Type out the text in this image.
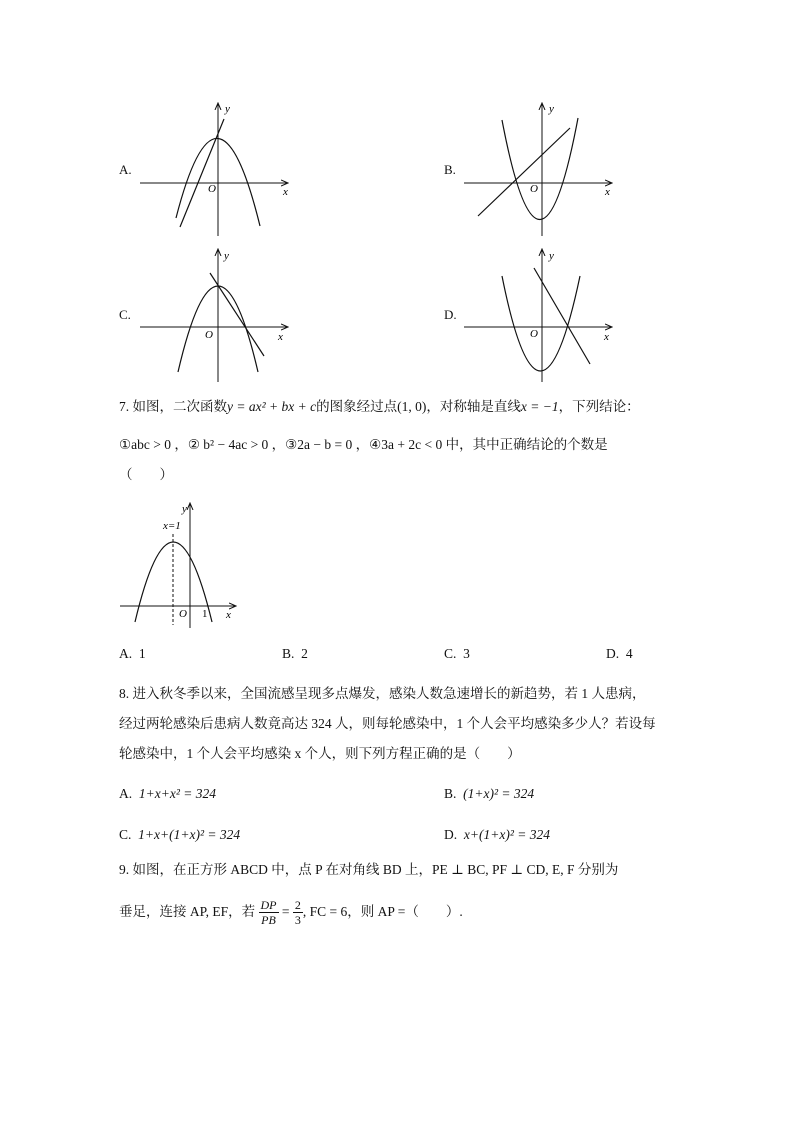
A.
O	x
y
B.
O	x
y
C.
O	x
y
D.
O	x
y
7. 如图，二次函数y = ax² + bx + c的图象经过点(1, 0)，对称轴是直线x = −1，下列结论：
①abc > 0 ，② b² − 4ac > 0 ，③2a − b = 0 ，④3a + 2c < 0 中，其中正确结论的个数是
（　　）
x=1
O 1 x
y
A. 1	B. 2	C. 3	D. 4
8. 进入秋冬季以来，全国流感呈现多点爆发，感染人数急速增长的新趋势，若 1 人患病，
经过两轮感染后患病人数竟高达 324 人，则每轮感染中，1 个人会平均感染多少人？若设每
轮感染中，1 个人会平均感染 x 个人，则下列方程正确的是（　　）
A. 1+x+x² = 324	B. (1+x)² = 324
C. 1+x+(1+x)² = 324	D. x+(1+x)² = 324
9. 如图，在正方形 ABCD 中，点 P 在对角线 BD 上，PE ⊥ BC, PF ⊥ CD, E, F 分别为
垂足，连接 AP, EF，若 $\frac{DP}{PB} = \frac{2}{3}$ , FC = 6，则 AP =（　　）.
